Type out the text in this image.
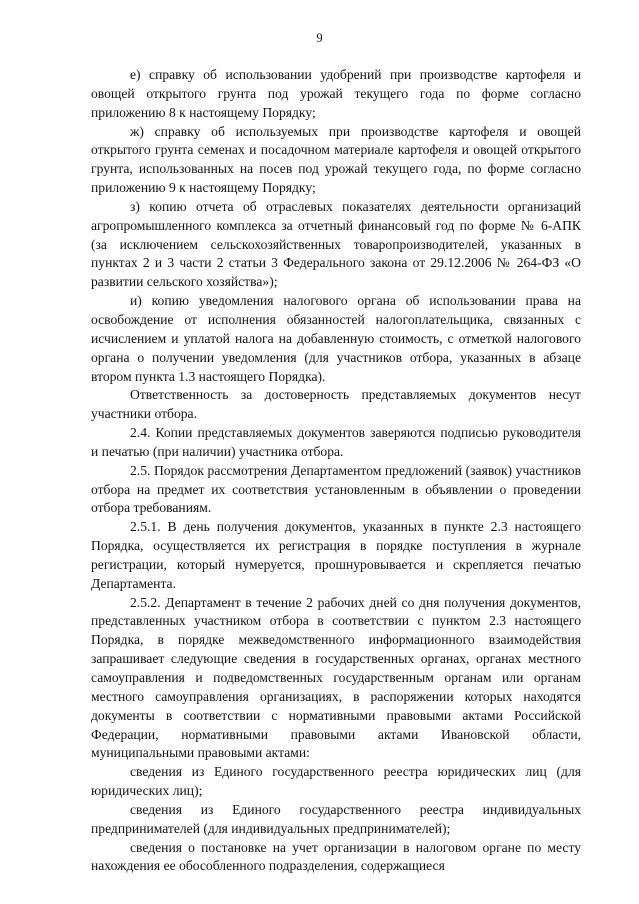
9

е) справку об использовании удобрений при производстве картофеля и овощей открытого грунта под урожай текущего года по форме согласно приложению 8 к настоящему Порядку;

ж) справку об используемых при производстве картофеля и овощей открытого грунта семенах и посадочном материале картофеля и овощей открытого грунта, использованных на посев под урожай текущего года, по форме согласно приложению 9 к настоящему Порядку;

з) копию отчета об отраслевых показателях деятельности организаций агропромышленного комплекса за отчетный финансовый год по форме № 6-АПК (за исключением сельскохозяйственных товаропроизводителей, указанных в пунктах 2 и 3 части 2 статьи 3 Федерального закона от 29.12.2006 № 264-ФЗ «О развитии сельского хозяйства»);

и) копию уведомления налогового органа об использовании права на освобождение от исполнения обязанностей налогоплательщика, связанных с исчислением и уплатой налога на добавленную стоимость, с отметкой налогового органа о получении уведомления (для участников отбора, указанных в абзаце втором пункта 1.3 настоящего Порядка).

Ответственность за достоверность представляемых документов несут участники отбора.

2.4. Копии представляемых документов заверяются подписью руководителя и печатью (при наличии) участника отбора.

2.5. Порядок рассмотрения Департаментом предложений (заявок) участников отбора на предмет их соответствия установленным в объявлении о проведении отбора требованиям.

2.5.1. В день получения документов, указанных в пункте 2.3 настоящего Порядка, осуществляется их регистрация в порядке поступления в журнале регистрации, который нумеруется, прошнуровывается и скрепляется печатью Департамента.

2.5.2. Департамент в течение 2 рабочих дней со дня получения документов, представленных участником отбора в соответствии с пунктом 2.3 настоящего Порядка, в порядке межведомственного информационного взаимодействия запрашивает следующие сведения в государственных органах, органах местного самоуправления и подведомственных государственным органам или органам местного самоуправления организациях, в распоряжении которых находятся документы в соответствии с нормативными правовыми актами Российской Федерации, нормативными правовыми актами Ивановской области, муниципальными правовыми актами:

сведения из Единого государственного реестра юридических лиц (для юридических лиц);

сведения из Единого государственного реестра индивидуальных предпринимателей (для индивидуальных предпринимателей);

сведения о постановке на учет организации в налоговом органе по месту нахождения ее обособленного подразделения, содержащиеся
